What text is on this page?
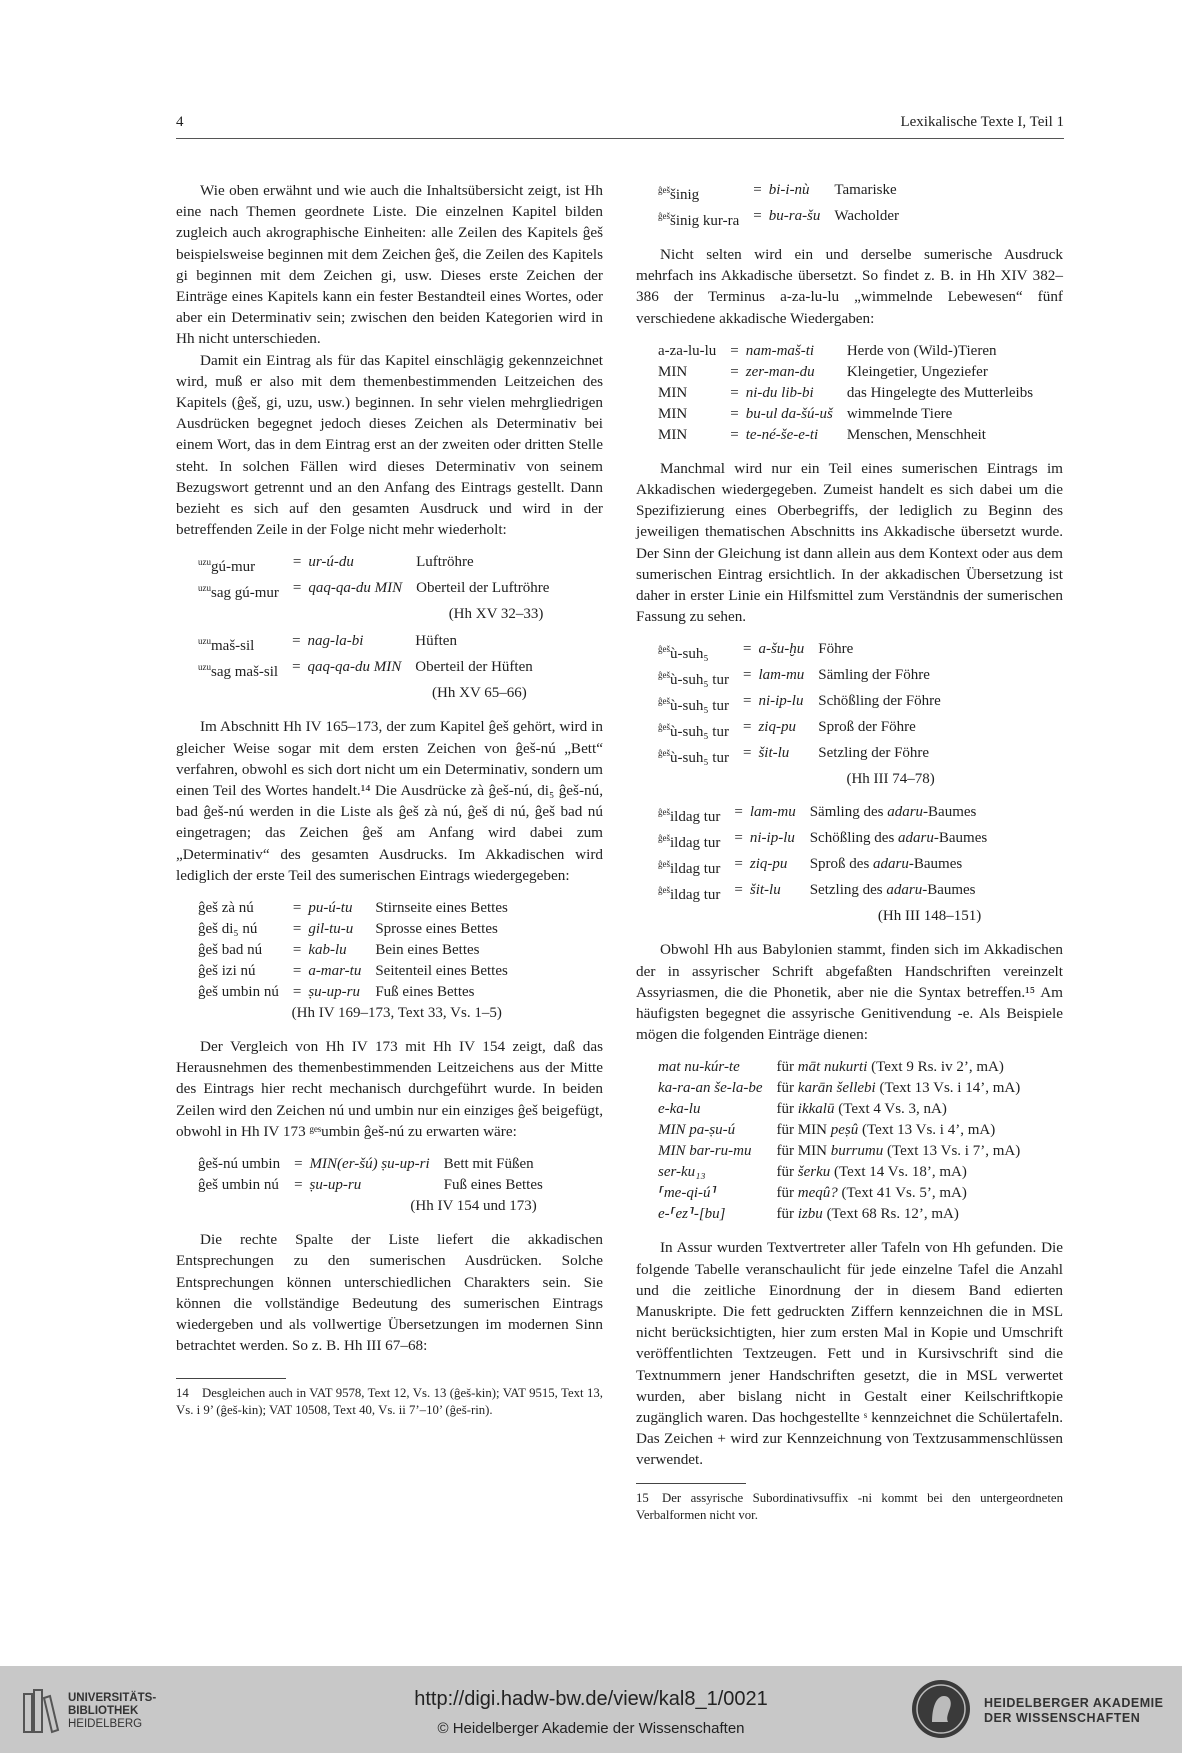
4	Lexikalische Texte I, Teil 1

Wie oben erwähnt und wie auch die Inhaltsübersicht zeigt, ist Hh eine nach Themen geordnete Liste. Die einzelnen Kapitel bilden zugleich auch akrographische Einheiten: alle Zeilen des Kapitels ĝeš beispielsweise beginnen mit dem Zeichen ĝeš, die Zeilen des Kapitels gi beginnen mit dem Zeichen gi, usw. Dieses erste Zeichen der Einträge eines Kapitels kann ein fester Bestandteil eines Wortes, oder aber ein Determinativ sein; zwischen den beiden Kategorien wird in Hh nicht unterschieden.

Damit ein Eintrag als für das Kapitel einschlägig gekennzeichnet wird, muß er also mit dem themenbestimmenden Leitzeichen des Kapitels (ĝeš, gi, uzu, usw.) beginnen. In sehr vielen mehrgliedrigen Ausdrücken begegnet jedoch dieses Zeichen als Determinativ bei einem Wort, das in dem Eintrag erst an der zweiten oder dritten Stelle steht. In solchen Fällen wird dieses Determinativ von seinem Bezugswort getrennt und an den Anfang des Eintrags gestellt. Dann bezieht es sich auf den gesamten Ausdruck und wird in der betreffenden Zeile in der Folge nicht mehr wiederholt:

$^{uzu}$gú-mur	=	ur-ú-du	Luftröhre
$^{uzu}$sag gú-mur	=	qaq-qa-du MIN	Oberteil der Luftröhre
(Hh XV 32–33)			
$^{uzu}$maš-sil	=	nag-la-bi	Hüften
$^{uzu}$sag maš-sil	=	qaq-qa-du MIN	Oberteil der Hüften
(Hh XV 65–66)			

Im Abschnitt Hh IV 165–173, der zum Kapitel ĝeš gehört, wird in gleicher Weise sogar mit dem ersten Zeichen von ĝeš-nú „Bett“ verfahren, obwohl es sich dort nicht um ein Determinativ, sondern um einen Teil des Wortes handelt.¹⁴ Die Ausdrücke zà ĝeš-nú, di₅ ĝeš-nú, bad ĝeš-nú werden in die Liste als ĝeš zà nú, ĝeš di nú, ĝeš bad nú eingetragen; das Zeichen ĝeš am Anfang wird dabei zum „Determinativ“ des gesamten Ausdrucks. Im Akkadischen wird lediglich der erste Teil des sumerischen Eintrags wiedergegeben:

ĝeš zà nú	=	pu-ú-tu	Stirnseite eines Bettes
ĝeš di₅ nú	=	gil-tu-u	Sprosse eines Bettes
ĝeš bad nú	=	kab-lu	Bein eines Bettes
ĝeš izi nú	=	a-mar-tu	Seitenteil eines Bettes
ĝeš umbin nú	=	ṣu-up-ru	Fuß eines Bettes
(Hh IV 169–173, Text 33, Vs. 1–5)			

Der Vergleich von Hh IV 173 mit Hh IV 154 zeigt, daß das Herausnehmen des themenbestimmenden Leitzeichens aus der Mitte des Eintrags hier recht mechanisch durchgeführt wurde. In beiden Zeilen wird den Zeichen nú und umbin nur ein einziges ĝeš beigefügt, obwohl in Hh IV 173 ᵍᵉˢumbin ĝeš-nú zu erwarten wäre:

ĝeš-nú umbin	=	MIN(er-šú) ṣu-up-ri	Bett mit Füßen
ĝeš umbin nú	=	ṣu-up-ru	Fuß eines Bettes
(Hh IV 154 und 173)			

Die rechte Spalte der Liste liefert die akkadischen Entsprechungen zu den sumerischen Ausdrücken. Solche Entsprechungen können unterschiedlichen Charakters sein. Sie können die vollständige Bedeutung des sumerischen Eintrags wiedergeben und als vollwertige Übersetzungen im modernen Sinn betrachtet werden. So z. B. Hh III 67–68:

14 Desgleichen auch in VAT 9578, Text 12, Vs. 13 (ĝeš-kin); VAT 9515, Text 13, Vs. i 9’ (ĝeš-kin); VAT 10508, Text 40, Vs. ii 7’–10’ (ĝeš-rin).
$^{ĝeš}$šinig	=	bi-i-nù	Tamariske
$^{ĝeš}$šinig kur-ra	=	bu-ra-šu	Wacholder

Nicht selten wird ein und derselbe sumerische Ausdruck mehrfach ins Akkadische übersetzt. So findet z. B. in Hh XIV 382–386 der Terminus a-za-lu-lu „wimmelnde Lebewesen“ fünf verschiedene akkadische Wiedergaben:

a-za-lu-lu	=	nam-maš-ti	Herde von (Wild-)Tieren
MIN	=	zer-man-du	Kleingetier, Ungeziefer
MIN	=	ni-du lib-bi	das Hingelegte des Mutterleibs
MIN	=	bu-ul da-šú-uš	wimmelnde Tiere
MIN	=	te-né-še-e-ti	Menschen, Menschheit

Manchmal wird nur ein Teil eines sumerischen Eintrags im Akkadischen wiedergegeben. Zumeist handelt es sich dabei um die Spezifizierung eines Oberbegriffs, der lediglich zu Beginn des jeweiligen thematischen Abschnitts ins Akkadische übersetzt wurde. Der Sinn der Gleichung ist dann allein aus dem Kontext oder aus dem sumerischen Eintrag ersichtlich. In der akkadischen Übersetzung ist daher in erster Linie ein Hilfsmittel zum Verständnis der sumerischen Fassung zu sehen.

$^{ĝeš}$ù-suh₅	=	a-šu-ḫu	Föhre
$^{ĝeš}$ù-suh₅ tur	=	lam-mu	Sämling der Föhre
$^{ĝeš}$ù-suh₅ tur	=	ni-ip-lu	Schößling der Föhre
$^{ĝeš}$ù-suh₅ tur	=	ziq-pu	Sproß der Föhre
$^{ĝeš}$ù-suh₅ tur	=	šit-lu	Setzling der Föhre
(Hh III 74–78)			
$^{ĝeš}$ildag tur	=	lam-mu	Sämling des adaru-Baumes
$^{ĝeš}$ildag tur	=	ni-ip-lu	Schößling des adaru-Baumes
$^{ĝeš}$ildag tur	=	ziq-pu	Sproß des adaru-Baumes
$^{ĝeš}$ildag tur	=	šit-lu	Setzling des adaru-Baumes
(Hh III 148–151)			

Obwohl Hh aus Babylonien stammt, finden sich im Akkadischen der in assyrischer Schrift abgefaßten Handschriften vereinzelt Assyriasmen, die die Phonetik, aber nie die Syntax betreffen.¹⁵ Am häufigsten begegnet die assyrische Genitivendung -e. Als Beispiele mögen die folgenden Einträge dienen:

mat nu-kúr-te	für māt nukurti (Text 9 Rs. iv 2’, mA)
ka-ra-an še-la-be	für karān šellebi (Text 13 Vs. i 14’, mA)
e-ka-lu	für ikkalū (Text 4 Vs. 3, nA)
MIN pa-ṣu-ú	für MIN peṣû (Text 13 Vs. i 4’, mA)
MIN bar-ru-mu	für MIN burrumu (Text 13 Vs. i 7’, mA)
ser-ku₁₃	für šerku (Text 14 Vs. 18’, mA)
⸢me-qi-ú⸣	für meqû? (Text 41 Vs. 5’, mA)
e-⸢ez⸣-[bu]	für izbu (Text 68 Rs. 12’, mA)

In Assur wurden Textvertreter aller Tafeln von Hh gefunden. Die folgende Tabelle veranschaulicht für jede einzelne Tafel die Anzahl und die zeitliche Einordnung der in diesem Band edierten Manuskripte. Die fett gedruckten Ziffern kennzeichnen die in MSL nicht berücksichtigten, hier zum ersten Mal in Kopie und Umschrift veröffentlichten Textzeugen. Fett und in Kursivschrift sind die Textnummern jener Handschriften gesetzt, die in MSL verwertet wurden, aber bislang nicht in Gestalt einer Keilschriftkopie zugänglich waren. Das hochgestellte ˢ kennzeichnet die Schülertafeln. Das Zeichen + wird zur Kennzeichnung von Textzusammenschlüssen verwendet.

15 Der assyrische Subordinativsuffix -ni kommt bei den untergeordneten Verbalformen nicht vor.
UNIVERSITÄTS-
BIBLIOTHEK
HEIDELBERG
http://digi.hadw-bw.de/view/kal8_1/0021
© Heidelberger Akademie der Wissenschaften
HEIDELBERGER AKADEMIE
DER WISSENSCHAFTEN
